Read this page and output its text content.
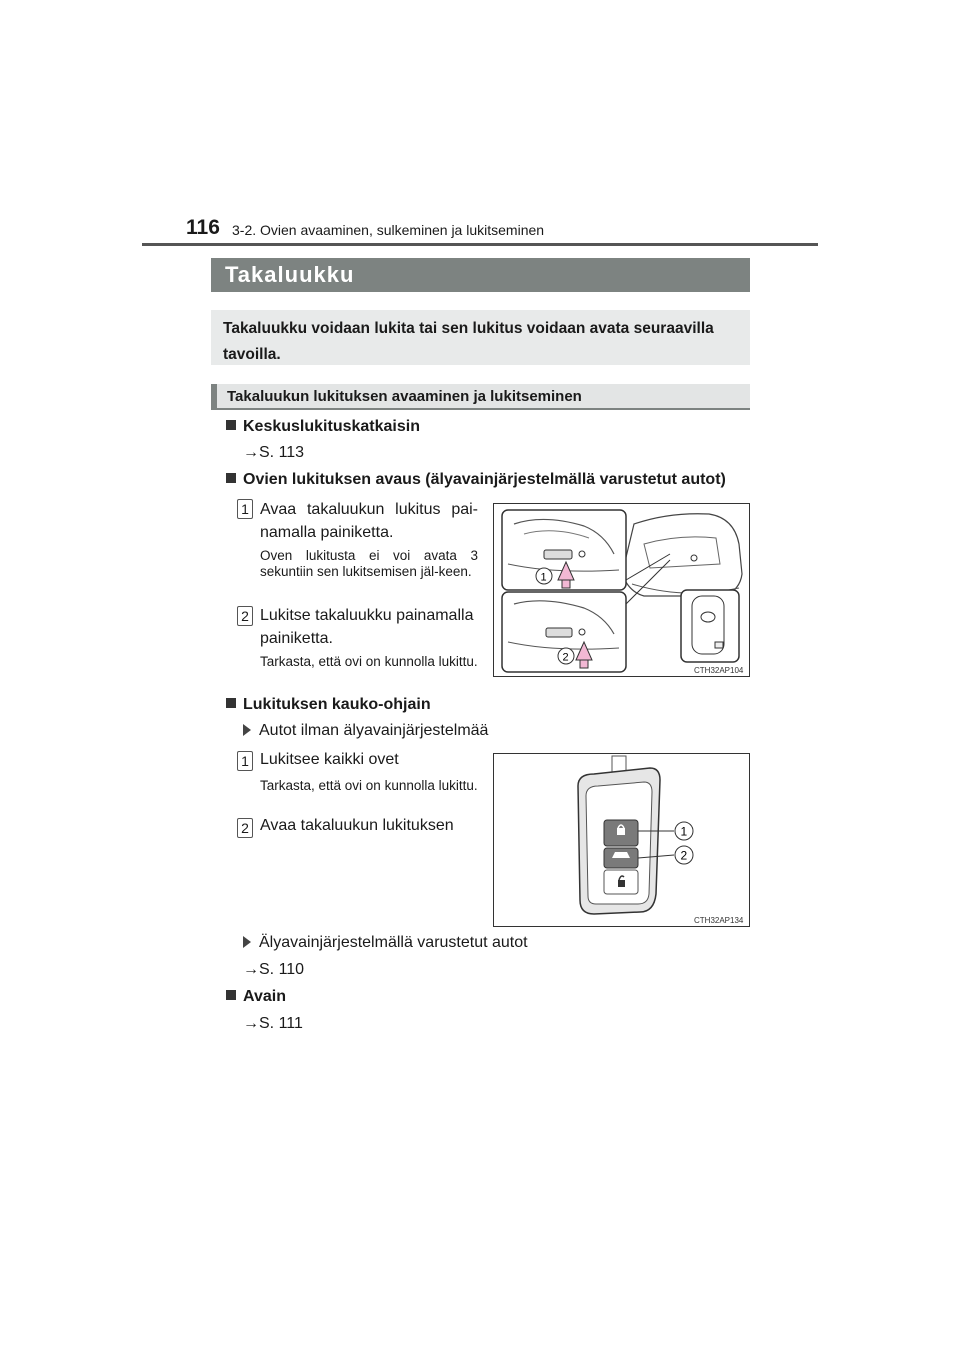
116 3-2. Ovien avaaminen, sulkeminen ja lukitseminen
Takaluukku
Takaluukku voidaan lukita tai sen lukitus voidaan avata seuraavilla tavoilla.
Takaluukun lukituksen avaaminen ja lukitseminen
Keskuslukituskatkaisin
→S. 113
Ovien lukituksen avaus (älyavainjärjestelmällä varustetut autot)
1 Avaa takaluukun lukitus pai-
namalla painiketta.
Oven lukitusta ei voi avata 3 sekuntiin sen lukitsemisen jäl-keen.
2 Lukitse takaluukku painamalla
painiketta.
Tarkasta, että ovi on kunnolla lukittu.
1
2
CTH32AP104
Lukituksen kauko-ohjain
Autot ilman älyavainjärjestelmää
1 Lukitsee kaikki ovet
Tarkasta, että ovi on kunnolla lukittu.
2 Avaa takaluukun lukituksen	1
2
CTH32AP134
Älyavainjärjestelmällä varustetut autot
→S. 110
Avain
→S. 111
